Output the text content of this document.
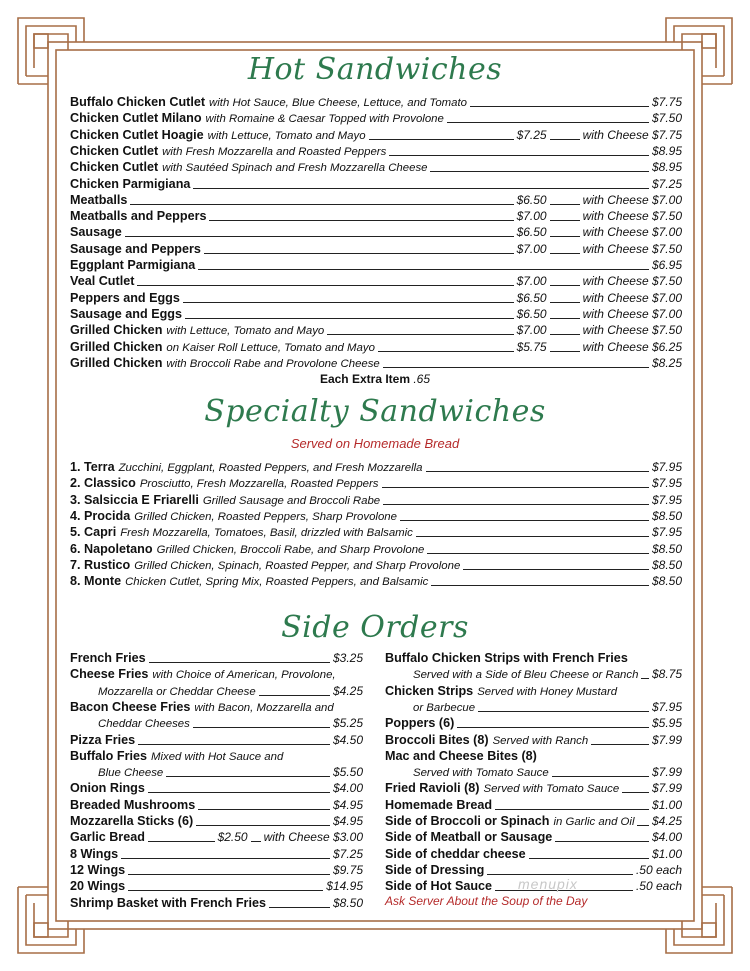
Hot Sandwiches
Buffalo Chicken Cutlet with Hot Sauce, Blue Cheese, Lettuce, and Tomato	$7.75
Chicken Cutlet Milano with Romaine & Caesar Topped with Provolone	$7.50
Chicken Cutlet Hoagie with Lettuce, Tomato and Mayo	$7.25	with Cheese $7.75
Chicken Cutlet with Fresh Mozzarella and Roasted Peppers	$8.95
Chicken Cutlet with Sautéed Spinach and Fresh Mozzarella Cheese	$8.95
Chicken Parmigiana	$7.25
Meatballs	$6.50	with Cheese $7.00
Meatballs and Peppers	$7.00	with Cheese $7.50
Sausage	$6.50	with Cheese $7.00
Sausage and Peppers	$7.00	with Cheese $7.50
Eggplant Parmigiana	$6.95
Veal Cutlet	$7.00	with Cheese $7.50
Peppers and Eggs	$6.50	with Cheese $7.00
Sausage and Eggs	$6.50	with Cheese $7.00
Grilled Chicken with Lettuce, Tomato and Mayo	$7.00	with Cheese $7.50
Grilled Chicken on Kaiser Roll Lettuce, Tomato and Mayo	$5.75	with Cheese $6.25
Grilled Chicken with Broccoli Rabe and Provolone Cheese	$8.25
Each Extra Item .65
Specialty Sandwiches
Served on Homemade Bread
1. Terra Zucchini, Eggplant, Roasted Peppers, and Fresh Mozzarella	$7.95
2. Classico Prosciutto, Fresh Mozzarella, Roasted Peppers	$7.95
3. Salsiccia E Friarelli Grilled Sausage and Broccoli Rabe	$7.95
4. Procida Grilled Chicken, Roasted Peppers, Sharp Provolone	$8.50
5. Capri Fresh Mozzarella, Tomatoes, Basil, drizzled with Balsamic	$7.95
6. Napoletano Grilled Chicken, Broccoli Rabe, and Sharp Provolone	$8.50
7. Rustico Grilled Chicken, Spinach, Roasted Pepper, and Sharp Provolone	$8.50
8. Monte Chicken Cutlet, Spring Mix, Roasted Peppers, and Balsamic	$8.50
Side Orders
French Fries	$3.25
Cheese Fries with Choice of American, Provolone,
Mozzarella or Cheddar Cheese	$4.25
Bacon Cheese Fries with Bacon, Mozzarella and
Cheddar Cheeses	$5.25
Pizza Fries	$4.50
Buffalo Fries Mixed with Hot Sauce and
Blue Cheese	$5.50
Onion Rings	$4.00
Breaded Mushrooms	$4.95
Mozzarella Sticks (6)	$4.95
Garlic Bread	$2.50 with Cheese $3.00
8 Wings	$7.25
12 Wings	$9.75
20 Wings	$14.95
Shrimp Basket with French Fries	$8.50
Buffalo Chicken Strips with French Fries
Served with a Side of Bleu Cheese or Ranch $8.75
Chicken Strips Served with Honey Mustard
or Barbecue	$7.95
Poppers (6)	$5.95
Broccoli Bites (8) Served with Ranch	$7.99
Mac and Cheese Bites (8)
Served with Tomato Sauce	$7.99
Fried Ravioli (8) Served with Tomato Sauce	$7.99
Homemade Bread	$1.00
Side of Broccoli or Spinach in Garlic and Oil $4.25
Side of Meatball or Sausage	$4.00
Side of cheddar cheese	$1.00
Side of Dressing	.50 each
Side of Hot Sauce	.50 each
Ask Server About the Soup of the Day
menupix
